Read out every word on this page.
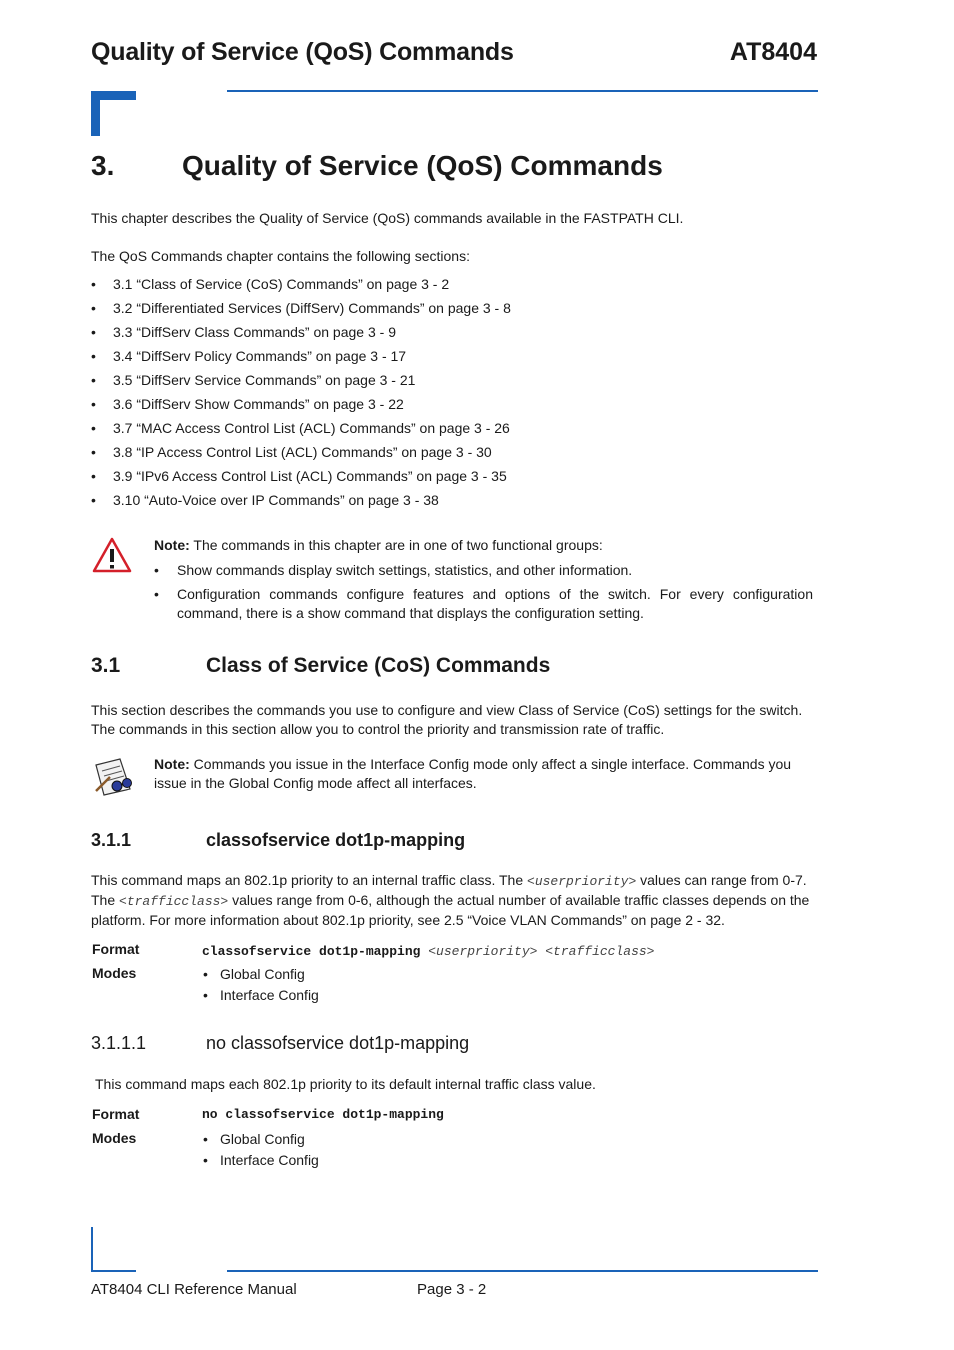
Quality of Service (QoS) Commands	AT8404
3. Quality of Service (QoS) Commands
This chapter describes the Quality of Service (QoS) commands available in the FASTPATH CLI.
The QoS Commands chapter contains the following sections:
• 3.1 “Class of Service (CoS) Commands” on page 3 - 2
• 3.2 “Differentiated Services (DiffServ) Commands” on page 3 - 8
• 3.3 “DiffServ Class Commands” on page 3 - 9
• 3.4 “DiffServ Policy Commands” on page 3 - 17
• 3.5 “DiffServ Service Commands” on page 3 - 21
• 3.6 “DiffServ Show Commands” on page 3 - 22
• 3.7 “MAC Access Control List (ACL) Commands” on page 3 - 26
• 3.8 “IP Access Control List (ACL) Commands” on page 3 - 30
• 3.9 “IPv6 Access Control List (ACL) Commands” on page 3 - 35
• 3.10 “Auto-Voice over IP Commands” on page 3 - 38
Note: The commands in this chapter are in one of two functional groups:
• Show commands display switch settings, statistics, and other information.
• Configuration commands configure features and options of the switch. For every configuration command, there is a show command that displays the configuration setting.
3.1	Class of Service (CoS) Commands
This section describes the commands you use to configure and view Class of Service (CoS) settings for the switch. The commands in this section allow you to control the priority and transmission rate of traffic.
Note: Commands you issue in the Interface Config mode only affect a single interface. Commands you issue in the Global Config mode affect all interfaces.
3.1.1	classofservice dot1p-mapping
This command maps an 802.1p priority to an internal traffic class. The <userpriority> values can range from 0-7. The <trafficclass> values range from 0-6, although the actual number of available traffic classes depends on the platform. For more information about 802.1p priority, see 2.5 “Voice VLAN Commands” on page 2 - 32.
Format	classofservice dot1p-mapping <userpriority> <trafficclass>
Modes	• Global Config
• Interface Config
3.1.1.1	no classofservice dot1p-mapping
This command maps each 802.1p priority to its default internal traffic class value.
Format	no classofservice dot1p-mapping
Modes	• Global Config
• Interface Config
AT8404 CLI Reference Manual	Page 3 - 2
